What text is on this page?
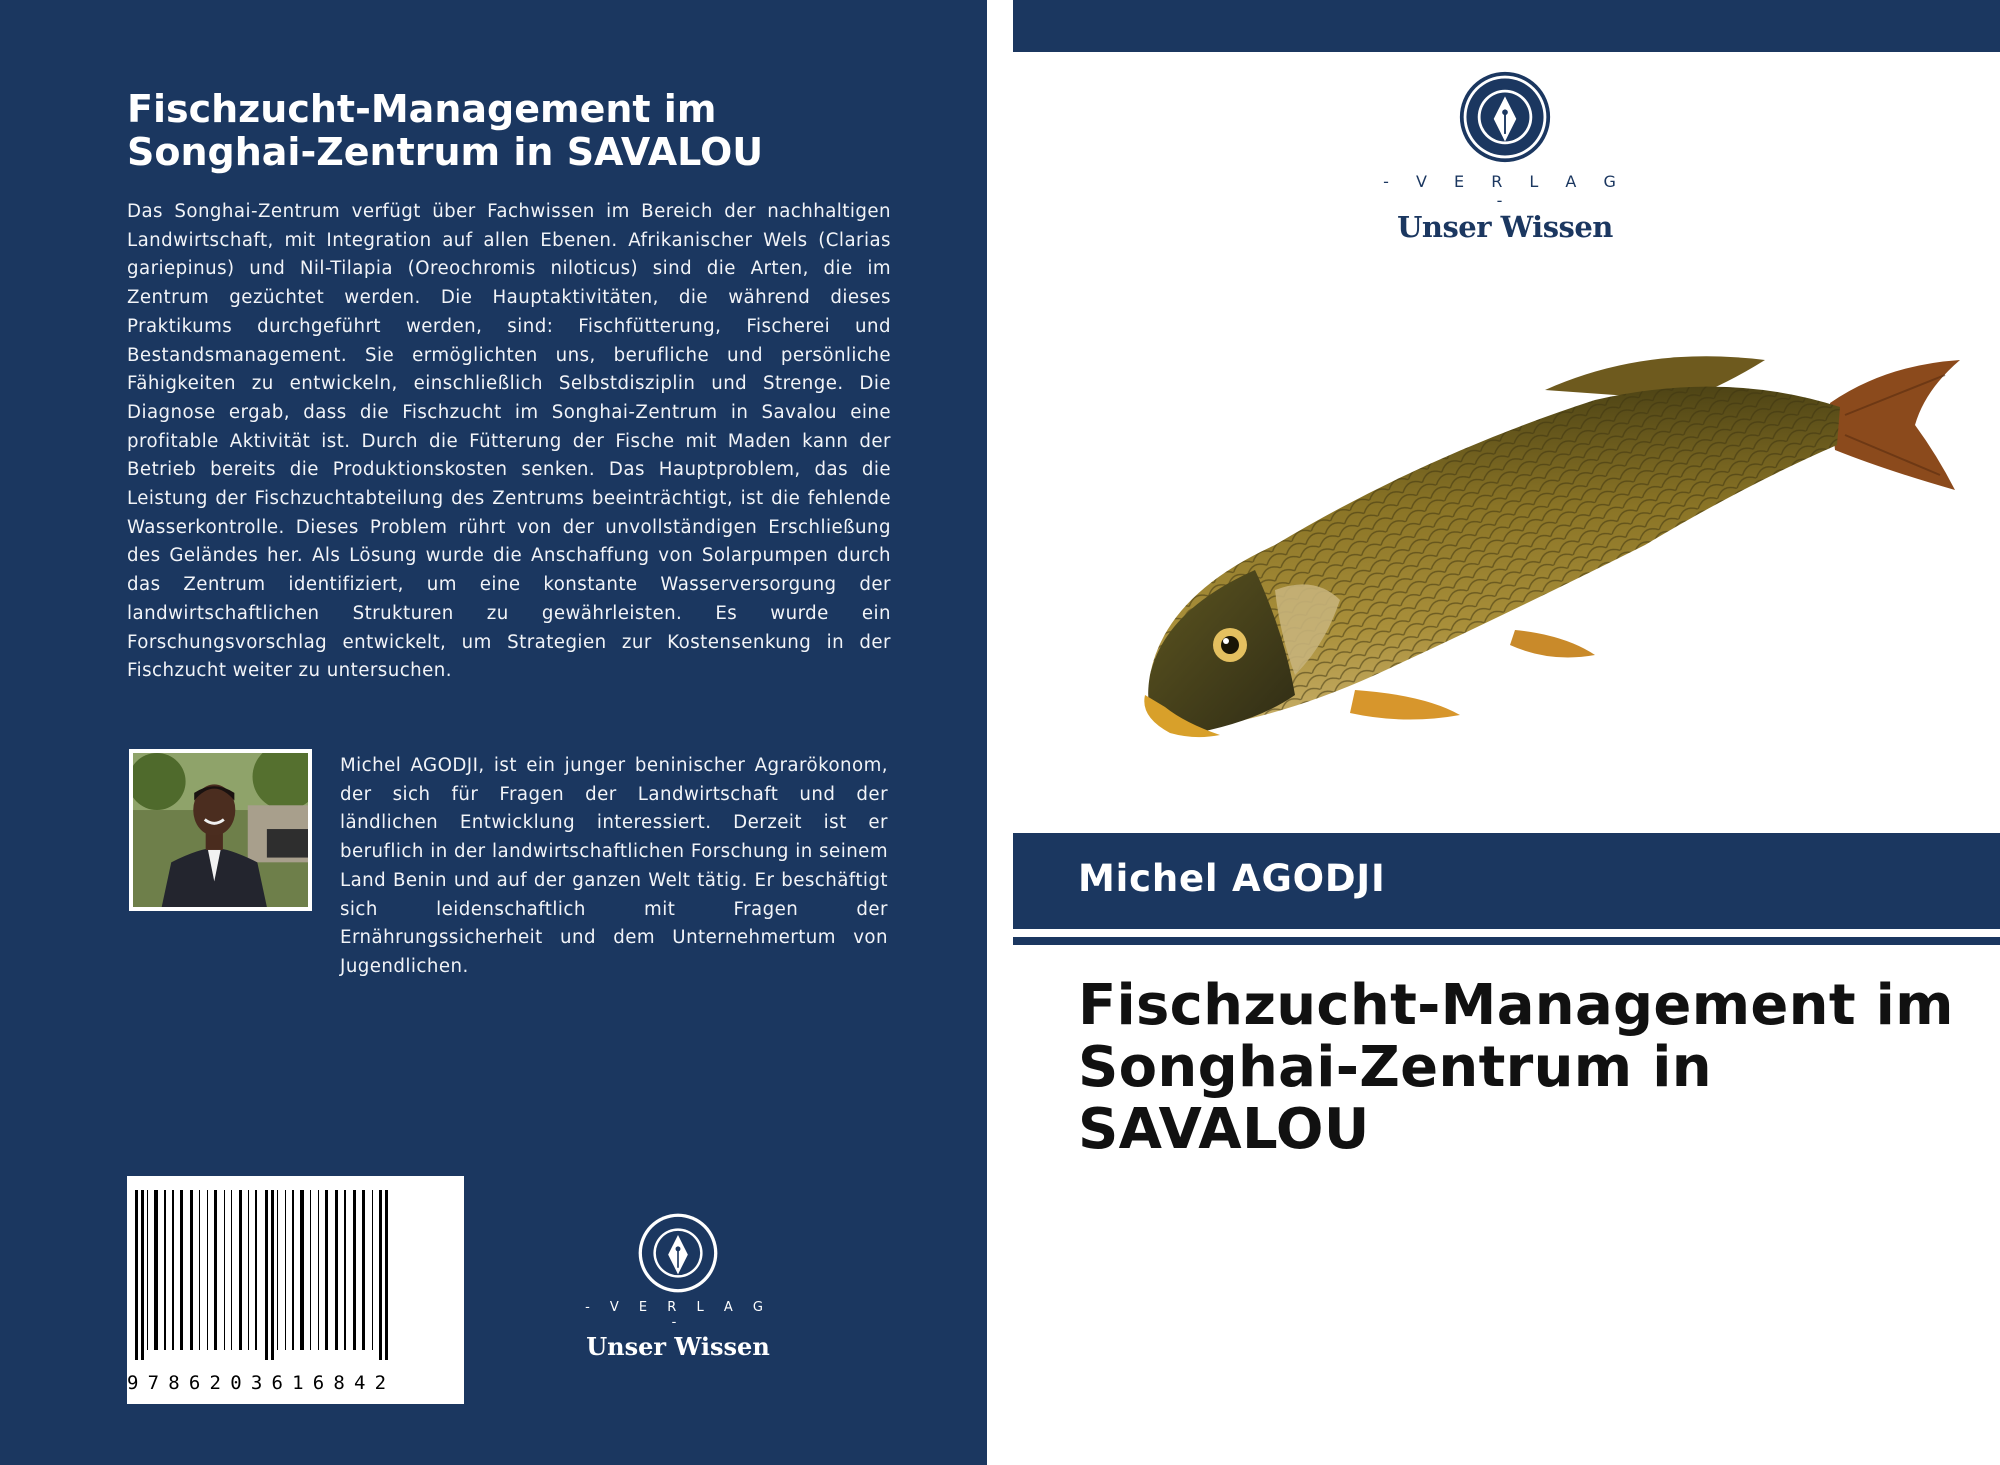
Fischzucht-Management im Songhai-Zentrum in SAVALOU
Das Songhai-Zentrum verfügt über Fachwissen im Bereich der nachhaltigen Landwirtschaft, mit Integration auf allen Ebenen. Afrikanischer Wels (Clarias gariepinus) und Nil-Tilapia (Oreochromis niloticus) sind die Arten, die im Zentrum gezüchtet werden. Die Hauptaktivitäten, die während dieses Praktikums durchgeführt werden, sind: Fischfütterung, Fischerei und Bestandsmanagement. Sie ermöglichten uns, berufliche und persönliche Fähigkeiten zu entwickeln, einschließlich Selbstdisziplin und Strenge. Die Diagnose ergab, dass die Fischzucht im Songhai-Zentrum in Savalou eine profitable Aktivität ist. Durch die Fütterung der Fische mit Maden kann der Betrieb bereits die Produktionskosten senken. Das Hauptproblem, das die Leistung der Fischzuchtabteilung des Zentrums beeinträchtigt, ist die fehlende Wasserkontrolle. Dieses Problem rührt von der unvollständigen Erschließung des Geländes her. Als Lösung wurde die Anschaffung von Solarpumpen durch das Zentrum identifiziert, um eine konstante Wasserversorgung der landwirtschaftlichen Strukturen zu gewährleisten. Es wurde ein Forschungsvorschlag entwickelt, um Strategien zur Kostensenkung in der Fischzucht weiter zu untersuchen.
Michel AGODJI, ist ein junger beninischer Agrarökonom, der sich für Fragen der Landwirtschaft und der ländlichen Entwicklung interessiert. Derzeit ist er beruflich in der landwirtschaftlichen Forschung in seinem Land Benin und auf der ganzen Welt tätig. Er beschäftigt sich leidenschaftlich mit Fragen der Ernährungssicherheit und dem Unternehmertum von Jugendlichen.
9786203616842
- V E R L A G -
Unser Wissen
- V E R L A G -
Unser Wissen
Michel AGODJI
Fischzucht-Management im Songhai-Zentrum in SAVALOU
